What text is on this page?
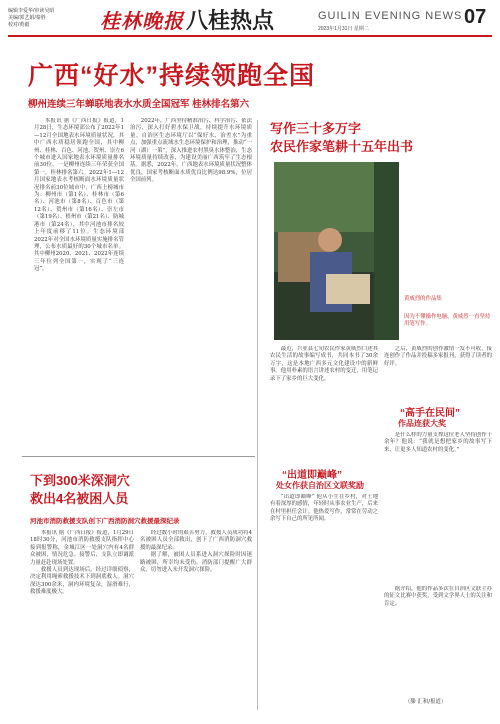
编辑李爱华/审读吴昭
美编/郭艺娟/秦胜
校对/黄毅	桂林晚报 八桂热点	GUILIN EVENING NEWS
2023年1月31日 星期二
07
广西“好水”持续领跑全国
柳州连续三年蝉联地表水水质全国冠军 桂林排名第六

本报讯 据《广西日报》报道，1月28日，生态环境部公布了2022年1—12月全国地表水环境质量状况，其中广西水质稳居领跑全国，其中柳州、桂林、百色、河池、贺州、崇左6个城市进入国家地表水环境质量排名前30位。一是柳州连续三年荣获全国第一，桂林排名第六。2022年1—12月国家地表水考核断面水环境质量状况排名前30位城市中，广西上榜城市为：柳州市（第1名）、桂林市（第6名）、河池市（第8名）、百色市（第12名）、贺州市（第16名）、崇左市（第19名）、梧州市（第21名）、防城港市（第24名），其中河池市排名较上年度前移了11位。生态环境部2022年对全国水环境质量实施排名管理，公布水质最好的30个城市名单。其中柳州2020、2021、2022年连续三年位列全国第一，实现了“三连冠”。

2022年，广西坚持精准治污、科学治污、依法治污，深入打好碧水保卫战，持续提升水环境质量。自治区生态环境厅以“保好水、治差水”为重点，加强重点流域水生态环境保护和治理，推动“一河（湖）一策”，深入推进农村黑臭水体整治，生态环境质量持续改善，为建设美丽广西筑牢了生态根基。据悉，2022年，广西地表水环境质量状况整体优良，国家考核断面水质优良比例达98.9%，位居全国前列。

写作三十多万字
农民作家笔耕十五年出书
黄威烈的作品集
因为不懂操作电脑，黄威烈一直坚持用笔写作。

最近，兴业县七旬农民作家黄威烈口述其农民生活的故事编写成书，共同本书了30余万字，这是本地广西多元文化建设中的新鲜事。他用朴素的语言讲述农村的变迁，用笔记录下了家乡的巨大变化。

“出道即巅峰”
处女作获自治区文联奖励

“出道即巅峰” 他从小生在乡村，对土地有着深厚的感情，年轻时从事农业生产，后来在村里担任会计。他热爱写作，常常在劳动之余写下自己的所见所闻。

之后，黄威烈的创作激情一发不可收，接连创作了作品并投稿多家报刊，获得了读者的好评。

“高手在民间”
作品连获大奖

是什么样的力量支撑这位老人坚持创作十余年？他说：“我就是想把家乡的故事写下来，让更多人知道农村的变化。”

据介绍，他的作品多次在自治区文联主办的征文比赛中获奖，受到文学界人士的关注和肯定。

（滕 汇和/报道）
下到300米深洞穴
救出4名被困人员
河池市消防救援支队创下广西消防洞穴救援最深纪录

本报讯 据《广西日报》报道，1月29日18时30分，河池市消防救援支队指挥中心接到报警称，金城江区一处洞穴内有4名群众被困，情况危急。接警后，支队立即调派力量赶赴现场处置。

救援人员到达现场后，经过详细侦察，决定利用绳索救援技术下到洞底救人。洞穴深达300余米，洞内环境复杂，湿滑难行，救援难度极大。

经过数小时的艰苦努力，救援人员成功将4名被困人员全部救出，创下了广西消防洞穴救援的最深纪录。

据了解，被困人员系进入洞穴探险时因迷路被困，所幸均未受伤。消防部门提醒广大群众，切勿进入未开发洞穴探险。
